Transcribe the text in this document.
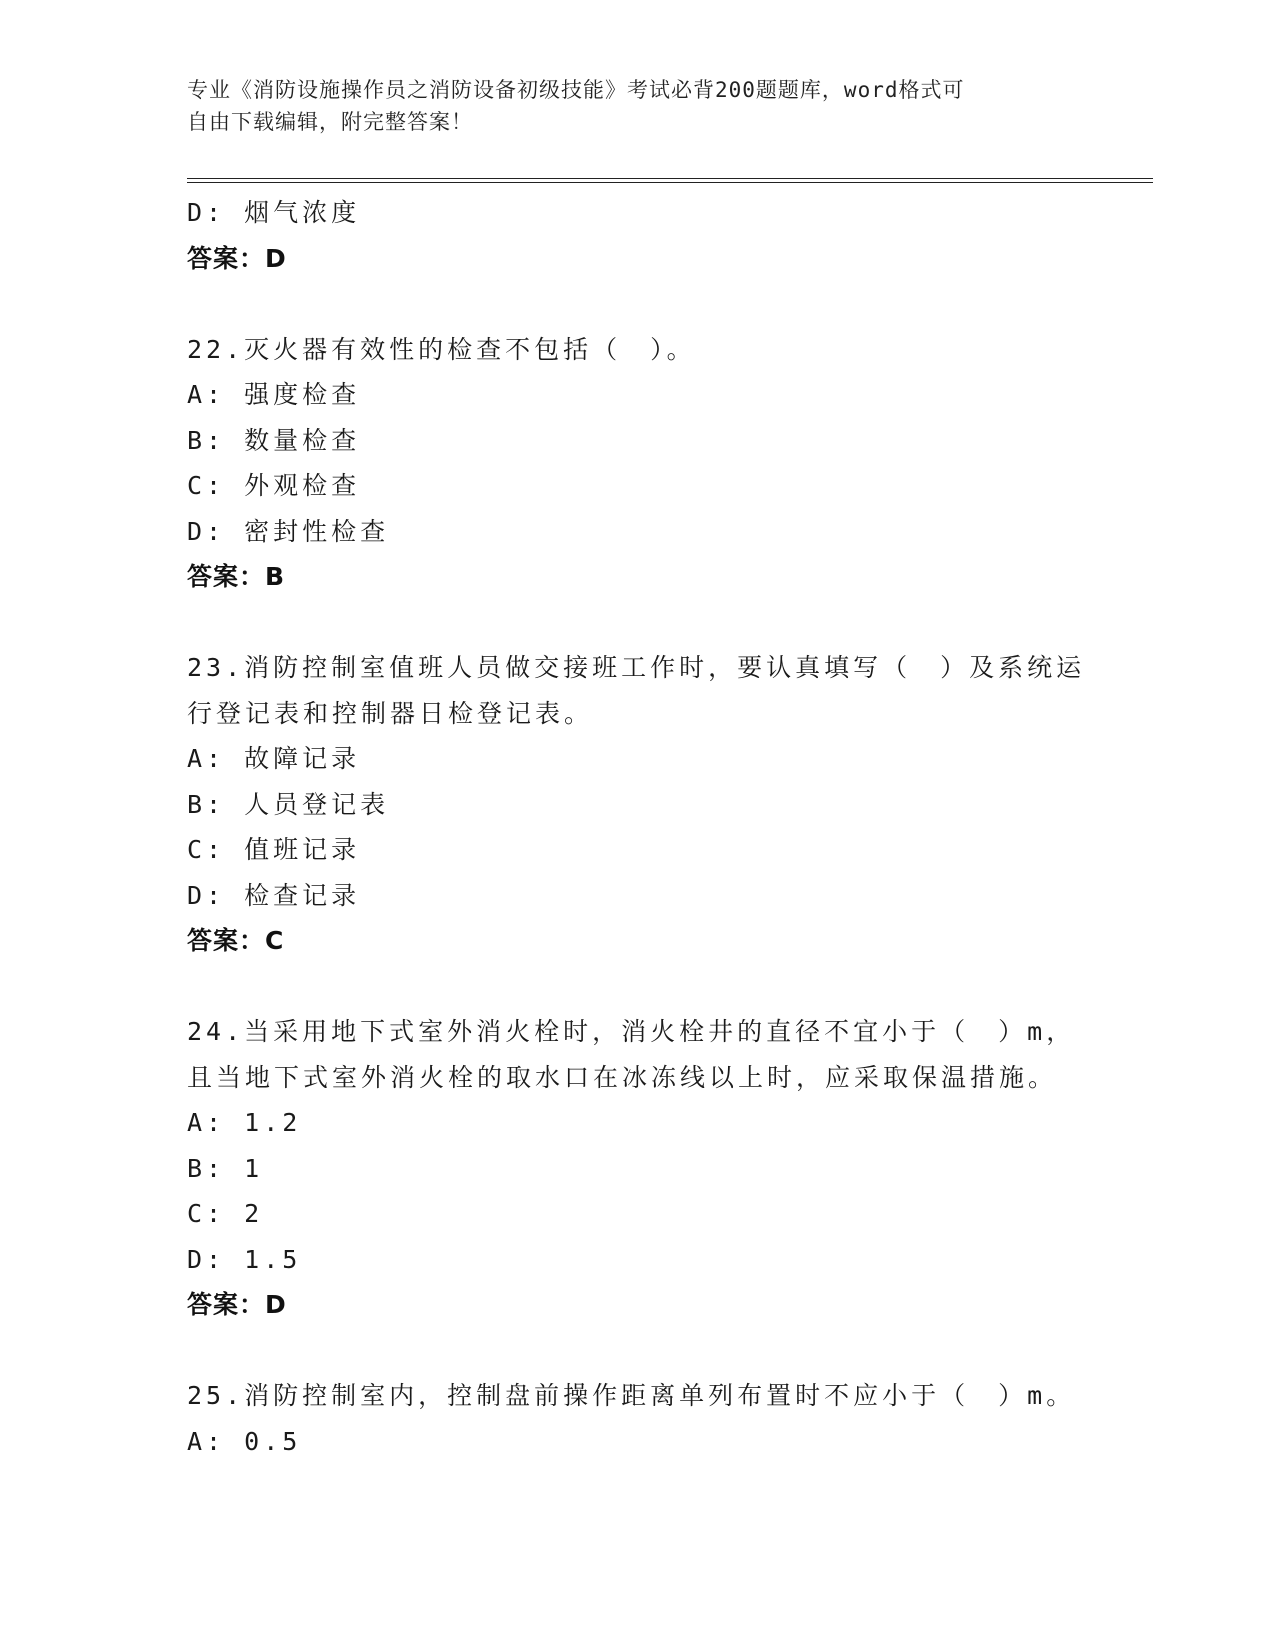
专业《消防设施操作员之消防设备初级技能》考试必背200题题库，word格式可
自由下载编辑，附完整答案！
D: 烟气浓度
答案：D
22.灭火器有效性的检查不包括（　）。
A: 强度检查
B: 数量检查
C: 外观检查
D: 密封性检查
答案：B
23.消防控制室值班人员做交接班工作时，要认真填写（　）及系统运
行登记表和控制器日检登记表。
A: 故障记录
B: 人员登记表
C: 值班记录
D: 检查记录
答案：C
24.当采用地下式室外消火栓时，消火栓井的直径不宜小于（　）m，
且当地下式室外消火栓的取水口在冰冻线以上时，应采取保温措施。
A: 1.2
B: 1
C: 2
D: 1.5
答案：D
25.消防控制室内，控制盘前操作距离单列布置时不应小于（　）m。
A: 0.5
